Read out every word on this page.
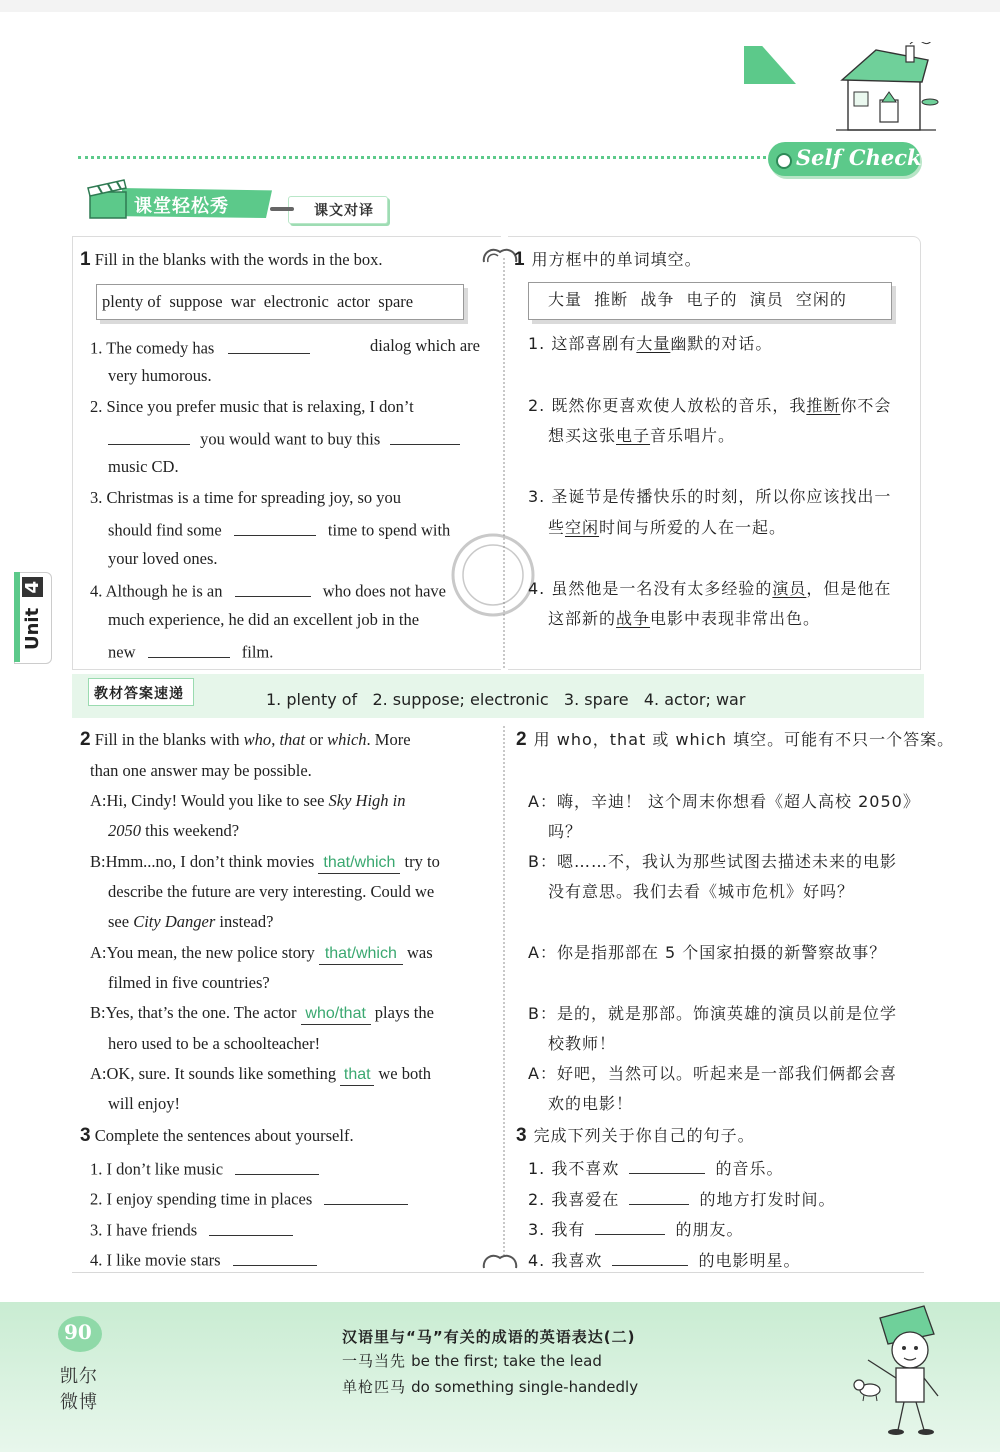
Self Check
课堂轻松秀	课文对译
Unit 4
1 Fill in the blanks with the words in the box.
plenty of  suppose  war  electronic  actor  spare
1. The comedy has	dialog which are
very humorous.
2. Since you prefer music that is relaxing, I don’t
you would want to buy this
music CD.
3. Christmas is a time for spreading joy, so you
should find some	time to spend with
your loved ones.
4. Although he is an	who does not have
much experience, he did an excellent job in the
new	film.
1 用方框中的单词填空。
大量  推断  战争  电子的  演员  空闲的
1. 这部喜剧有大量幽默的对话。
2. 既然你更喜欢使人放松的音乐，我推断你不会
想买这张电子音乐唱片。
3. 圣诞节是传播快乐的时刻，所以你应该找出一
些空闲时间与所爱的人在一起。
4. 虽然他是一名没有太多经验的演员，但是他在
这部新的战争电影中表现非常出色。
教材答案速递	1. plenty of   2. suppose; electronic   3. spare   4. actor; war
2 Fill in the blanks with who, that or which. More
than one answer may be possible.
A:Hi, Cindy! Would you like to see Sky High in
2050 this weekend?
B:Hmm...no, I don’t think movies that/which try to
describe the future are very interesting. Could we
see City Danger instead?
A:You mean, the new police story that/which was
filmed in five countries?
B:Yes, that’s the one. The actor who/that plays the
hero used to be a schoolteacher!
A:OK, sure. It sounds like something that we both
will enjoy!
2 用 who，that 或 which 填空。可能有不只一个答案。
A：嗨，辛迪！ 这个周末你想看《超人高校 2050》
吗？
B：嗯……不，我认为那些试图去描述未来的电影
没有意思。我们去看《城市危机》好吗？
A：你是指那部在 5 个国家拍摄的新警察故事？
B：是的，就是那部。饰演英雄的演员以前是位学
校教师！
A：好吧，当然可以。听起来是一部我们俩都会喜
欢的电影！
3 Complete the sentences about yourself.
1. I don’t like music
2. I enjoy spending time in places
3. I have friends
4. I like movie stars
3 完成下列关于你自己的句子。
1. 我不喜欢	的音乐。
2. 我喜爱在	的地方打发时间。
3. 我有	的朋友。
4. 我喜欢	的电影明星。
90
凯尔
微博
汉语里与“马”有关的成语的英语表达(二)
一马当先 be the first; take the lead
单枪匹马 do something single-handedly
